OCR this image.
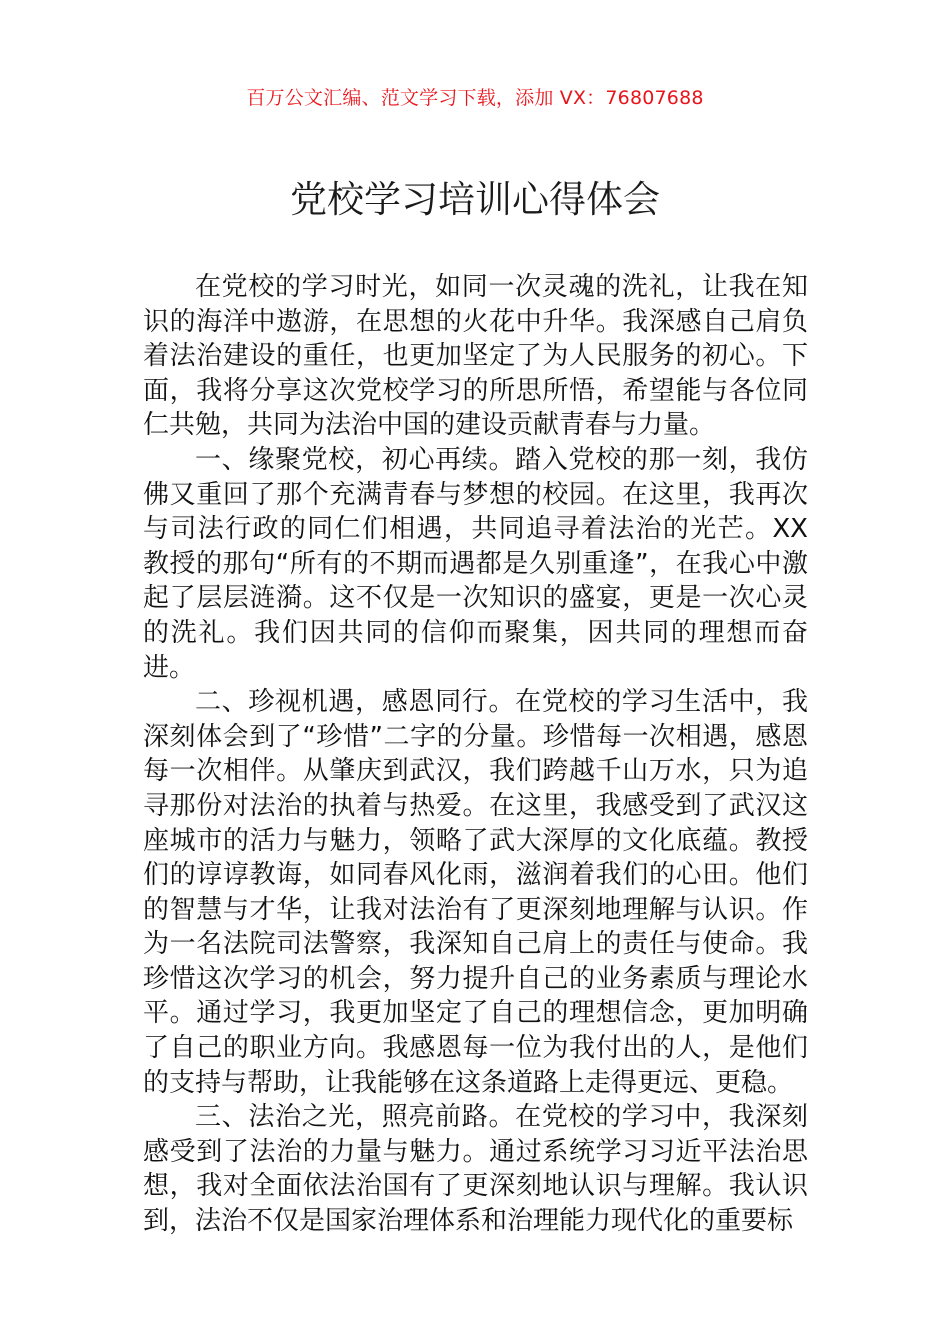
百万公文汇编、范文学习下载，添加 VX：76807688
党校学习培训心得体会

在党校的学习时光，如同一次灵魂的洗礼，让我在知识的海洋中遨游，在思想的火花中升华。我深感自己肩负着法治建设的重任，也更加坚定了为人民服务的初心。下面，我将分享这次党校学习的所思所悟，希望能与各位同仁共勉，共同为法治中国的建设贡献青春与力量。

一、缘聚党校，初心再续。踏入党校的那一刻，我仿佛又重回了那个充满青春与梦想的校园。在这里，我再次与司法行政的同仁们相遇，共同追寻着法治的光芒。XX 教授的那句“所有的不期而遇都是久别重逢”，在我心中激起了层层涟漪。这不仅是一次知识的盛宴，更是一次心灵的洗礼。我们因共同的信仰而聚集，因共同的理想而奋进。

二、珍视机遇，感恩同行。在党校的学习生活中，我深刻体会到了“珍惜”二字的分量。珍惜每一次相遇，感恩每一次相伴。从肇庆到武汉，我们跨越千山万水，只为追寻那份对法治的执着与热爱。在这里，我感受到了武汉这座城市的活力与魅力，领略了武大深厚的文化底蕴。教授们的谆谆教诲，如同春风化雨，滋润着我们的心田。他们的智慧与才华，让我对法治有了更深刻地理解与认识。作为一名法院司法警察，我深知自己肩上的责任与使命。我珍惜这次学习的机会，努力提升自己的业务素质与理论水平。通过学习，我更加坚定了自己的理想信念，更加明确了自己的职业方向。我感恩每一位为我付出的人，是他们的支持与帮助，让我能够在这条道路上走得更远、更稳。

三、法治之光，照亮前路。在党校的学习中，我深刻感受到了法治的力量与魅力。通过系统学习习近平法治思想，我对全面依法治国有了更深刻地认识与理解。我认识到，法治不仅是国家治理体系和治理能力现代化的重要标
